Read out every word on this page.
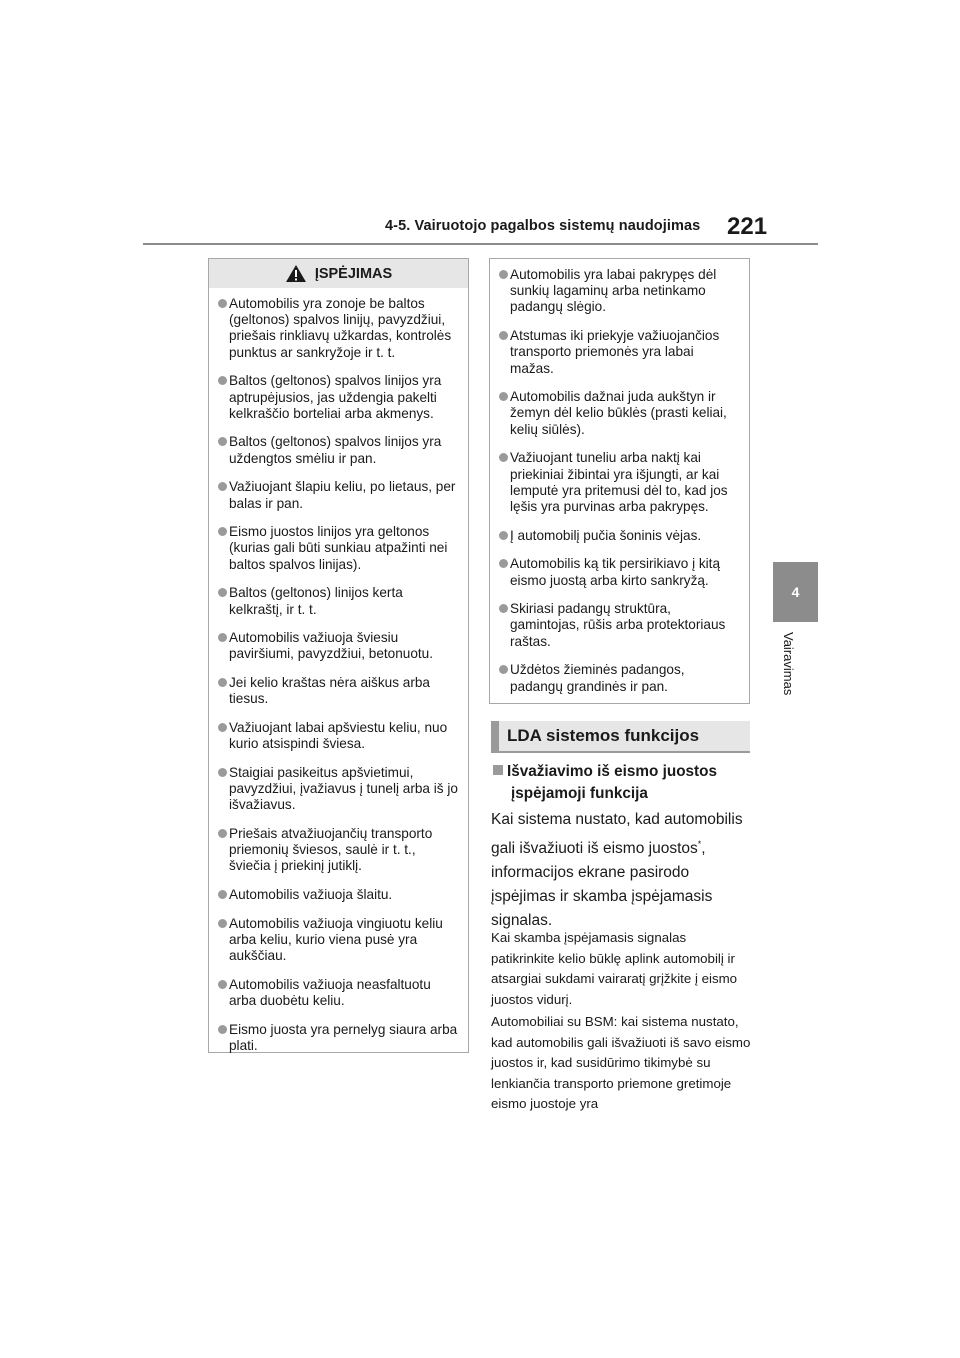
4-5. Vairuotojo pagalbos sistemų naudojimas 221
4
Vairavimas
ĮSPĖJIMAS
Automobilis yra zonoje be baltos (geltonos) spalvos linijų, pavyzdžiui, priešais rinkliavų užkardas, kontrolės punktus ar sankryžoje ir t. t.
Baltos (geltonos) spalvos linijos yra aptrupėjusios, jas uždengia pakelti kelkraščio borteliai arba akmenys.
Baltos (geltonos) spalvos linijos yra uždengtos smėliu ir pan.
Važiuojant šlapiu keliu, po lietaus, per balas ir pan.
Eismo juostos linijos yra geltonos (kurias gali būti sunkiau atpažinti nei baltos spalvos linijas).
Baltos (geltonos) linijos kerta kelkraštį, ir t. t.
Automobilis važiuoja šviesiu paviršiumi, pavyzdžiui, betonuotu.
Jei kelio kraštas nėra aiškus arba tiesus.
Važiuojant labai apšviestu keliu, nuo kurio atsispindi šviesa.
Staigiai pasikeitus apšvietimui, pavyzdžiui, įvažiavus į tunelį arba iš jo išvažiavus.
Priešais atvažiuojančių transporto priemonių šviesos, saulė ir t. t., šviečia į priekinį jutiklį.
Automobilis važiuoja šlaitu.
Automobilis važiuoja vingiuotu keliu arba keliu, kurio viena pusė yra aukščiau.
Automobilis važiuoja neasfaltuotu arba duobėtu keliu.
Eismo juosta yra pernelyg siaura arba plati.
Automobilis yra labai pakrypęs dėl sunkių lagaminų arba netinkamo padangų slėgio.
Atstumas iki priekyje važiuojančios transporto priemonės yra labai mažas.
Automobilis dažnai juda aukštyn ir žemyn dėl kelio būklės (prasti keliai, kelių siūlės).
Važiuojant tuneliu arba naktį kai priekiniai žibintai yra išjungti, ar kai lemputė yra pritemusi dėl to, kad jos lęšis yra purvinas arba pakrypęs.
Į automobilį pučia šoninis vėjas.
Automobilis ką tik persirikiavo į kitą eismo juostą arba kirto sankryžą.
Skiriasi padangų struktūra, gamintojas, rūšis arba protektoriaus raštas.
Uždėtos žieminės padangos, padangų grandinės ir pan.
LDA sistemos funkcijos
Išvažiavimo iš eismo juostos
įspėjamoji funkcija

Kai sistema nustato, kad automobilis gali išvažiuoti iš eismo juostos*, informacijos ekrane pasirodo įspėjimas ir skamba įspėjamasis signalas.

Kai skamba įspėjamasis signalas patikrinkite kelio būklę aplink automobilį ir atsargiai sukdami vairaratį grįžkite į eismo juostos vidurį.

Automobiliai su BSM: kai sistema nustato, kad automobilis gali išvažiuoti iš savo eismo juostos ir, kad susidūrimo tikimybė su lenkiančia transporto priemone gretimoje eismo juostoje yra
